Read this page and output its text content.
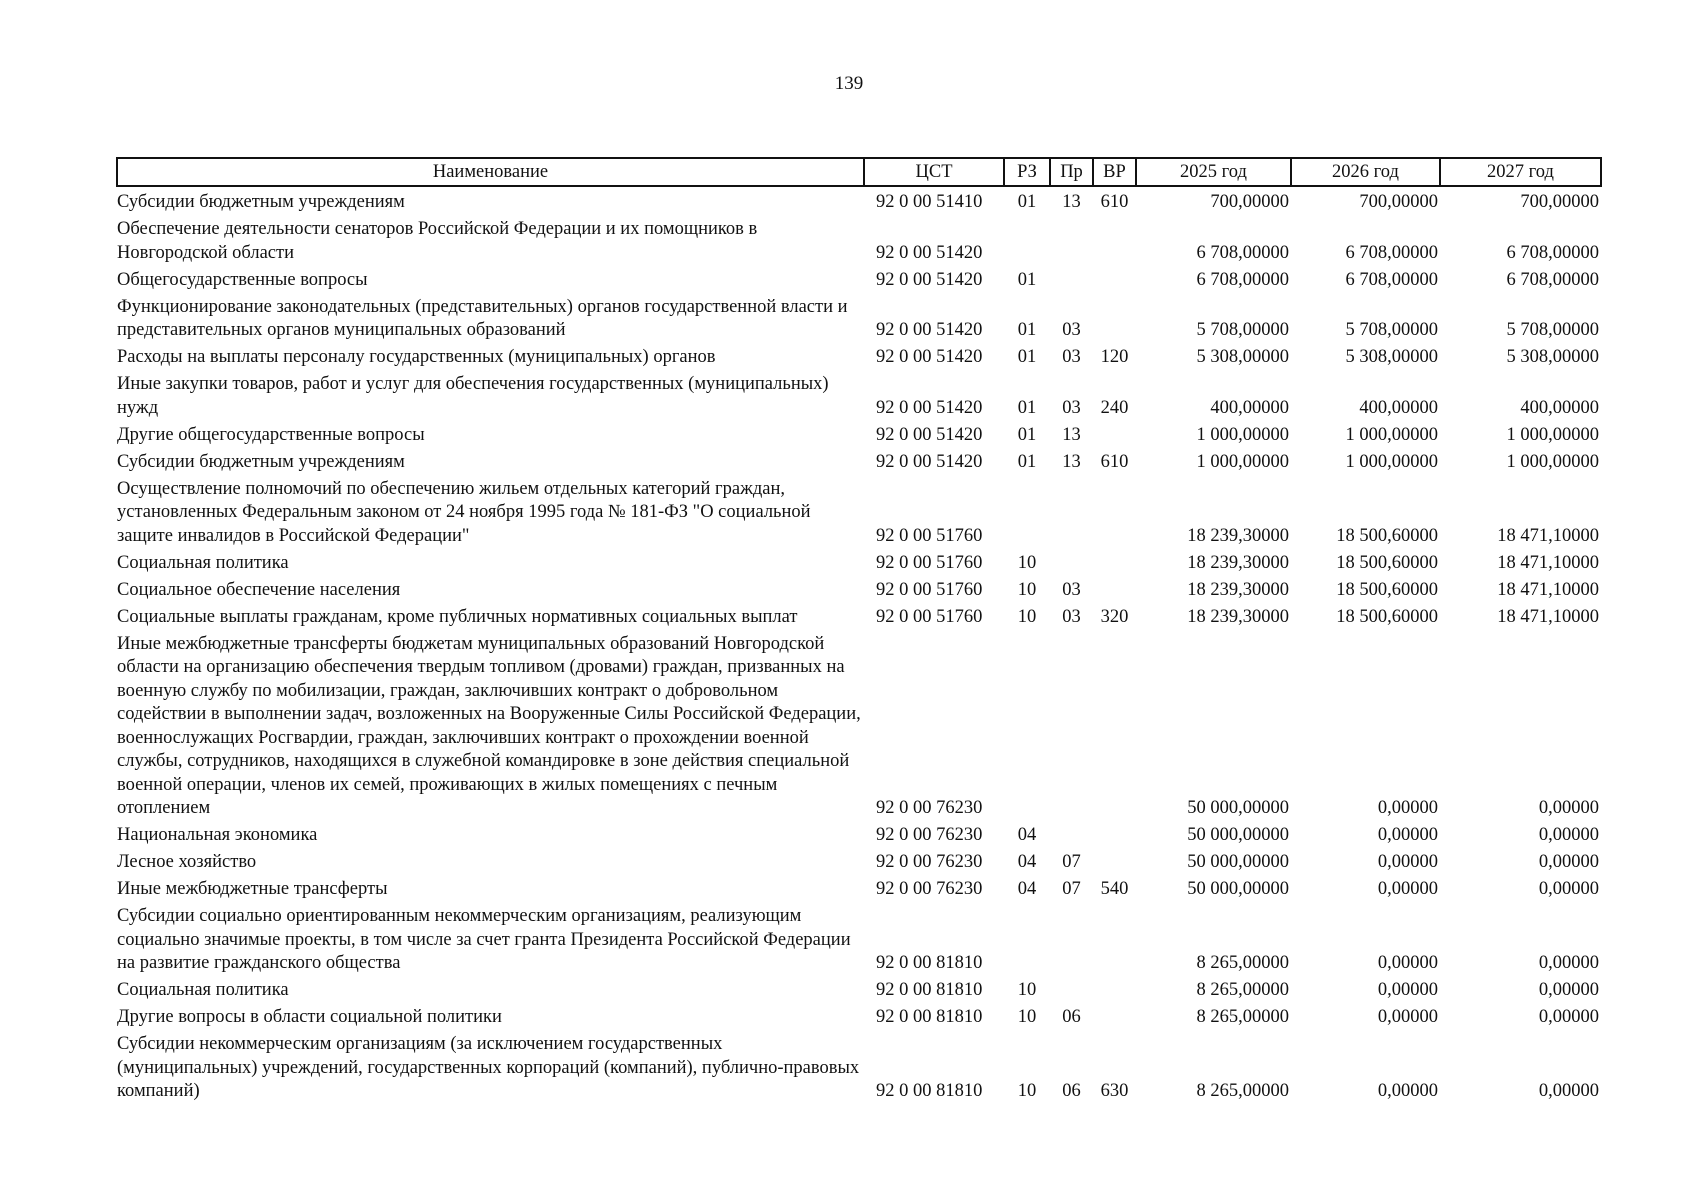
139
Наименование	ЦСТ	РЗ	Пр	ВР	2025 год	2026 год	2027 год
Субсидии бюджетным учреждениям	92 0 00 51410	01	13	610	700,00000	700,00000	700,00000
Обеспечение деятельности сенаторов Российской Федерации и их помощников в Новгородской области	92 0 00 51420				6 708,00000	6 708,00000	6 708,00000
Общегосударственные вопросы	92 0 00 51420	01			6 708,00000	6 708,00000	6 708,00000
Функционирование законодательных (представительных) органов государственной власти и представительных органов муниципальных образований	92 0 00 51420	01	03		5 708,00000	5 708,00000	5 708,00000
Расходы на выплаты персоналу государственных (муниципальных) органов	92 0 00 51420	01	03	120	5 308,00000	5 308,00000	5 308,00000
Иные закупки товаров, работ и услуг для обеспечения государственных (муниципальных) нужд	92 0 00 51420	01	03	240	400,00000	400,00000	400,00000
Другие общегосударственные вопросы	92 0 00 51420	01	13		1 000,00000	1 000,00000	1 000,00000
Субсидии бюджетным учреждениям	92 0 00 51420	01	13	610	1 000,00000	1 000,00000	1 000,00000
Осуществление полномочий по обеспечению жильем отдельных категорий граждан, установленных Федеральным законом от 24 ноября 1995 года № 181-ФЗ "О социальной защите инвалидов в Российской Федерации"	92 0 00 51760				18 239,30000	18 500,60000	18 471,10000
Социальная политика	92 0 00 51760	10			18 239,30000	18 500,60000	18 471,10000
Социальное обеспечение населения	92 0 00 51760	10	03		18 239,30000	18 500,60000	18 471,10000
Социальные выплаты гражданам, кроме публичных нормативных социальных выплат	92 0 00 51760	10	03	320	18 239,30000	18 500,60000	18 471,10000
Иные межбюджетные трансферты бюджетам муниципальных образований Новгородской области на организацию обеспечения твердым топливом (дровами) граждан, призванных на военную службу по мобилизации, граждан, заключивших контракт о добровольном содействии в выполнении задач, возложенных на Вооруженные Силы Российской Федерации, военнослужащих Росгвардии, граждан, заключивших контракт о прохождении военной службы, сотрудников, находящихся в служебной командировке в зоне действия специальной военной операции, членов их семей, проживающих в жилых помещениях с печным отоплением	92 0 00 76230				50 000,00000	0,00000	0,00000
Национальная экономика	92 0 00 76230	04			50 000,00000	0,00000	0,00000
Лесное хозяйство	92 0 00 76230	04	07		50 000,00000	0,00000	0,00000
Иные межбюджетные трансферты	92 0 00 76230	04	07	540	50 000,00000	0,00000	0,00000
Субсидии социально ориентированным некоммерческим организациям, реализующим социально значимые проекты, в том числе за счет гранта Президента Российской Федерации на развитие гражданского общества	92 0 00 81810				8 265,00000	0,00000	0,00000
Социальная политика	92 0 00 81810	10			8 265,00000	0,00000	0,00000
Другие вопросы в области социальной политики	92 0 00 81810	10	06		8 265,00000	0,00000	0,00000
Субсидии некоммерческим организациям (за исключением государственных (муниципальных) учреждений, государственных корпораций (компаний), публично-правовых компаний)	92 0 00 81810	10	06	630	8 265,00000	0,00000	0,00000
